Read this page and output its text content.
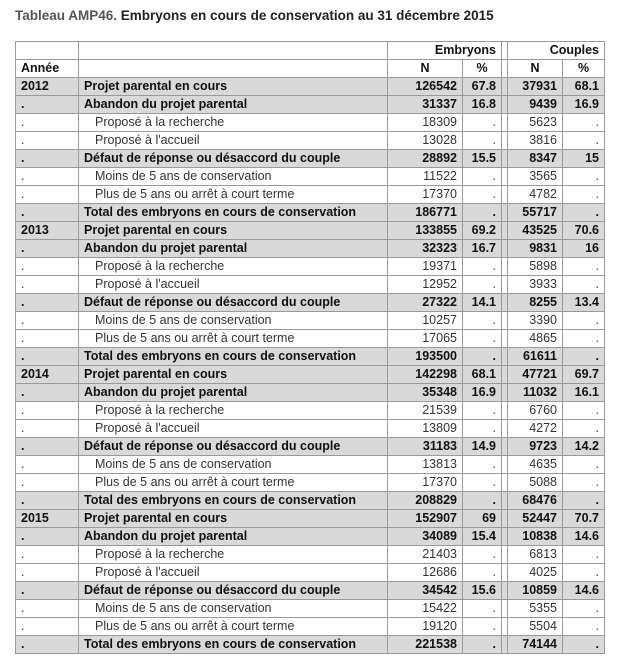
Tableau AMP46. Embryons en cours de conservation au 31 décembre 2015
		Embryons			Couples	
Année		N	%		N	%
2012	Projet parental en cours	126542	67.8		37931	68.1
.	Abandon du projet parental	31337	16.8		9439	16.9
.	Proposé à la recherche	18309	.		5623	.
.	Proposé à l'accueil	13028	.		3816	.
.	Défaut de réponse ou désaccord du couple	28892	15.5		8347	15
.	Moins de 5 ans de conservation	11522	.		3565	.
.	Plus de 5 ans ou arrêt à court terme	17370	.		4782	.
.	Total des embryons en cours de conservation	186771	.		55717	.
2013	Projet parental en cours	133855	69.2		43525	70.6
.	Abandon du projet parental	32323	16.7		9831	16
.	Proposé à la recherche	19371	.		5898	.
.	Proposé à l'accueil	12952	.		3933	.
.	Défaut de réponse ou désaccord du couple	27322	14.1		8255	13.4
.	Moins de 5 ans de conservation	10257	.		3390	.
.	Plus de 5 ans ou arrêt à court terme	17065	.		4865	.
.	Total des embryons en cours de conservation	193500	.		61611	.
2014	Projet parental en cours	142298	68.1		47721	69.7
.	Abandon du projet parental	35348	16.9		11032	16.1
.	Proposé à la recherche	21539	.		6760	.
.	Proposé à l'accueil	13809	.		4272	.
.	Défaut de réponse ou désaccord du couple	31183	14.9		9723	14.2
.	Moins de 5 ans de conservation	13813	.		4635	.
.	Plus de 5 ans ou arrêt à court terme	17370	.		5088	.
.	Total des embryons en cours de conservation	208829	.		68476	.
2015	Projet parental en cours	152907	69		52447	70.7
.	Abandon du projet parental	34089	15.4		10838	14.6
.	Proposé à la recherche	21403	.		6813	.
.	Proposé à l'accueil	12686	.		4025	.
.	Défaut de réponse ou désaccord du couple	34542	15.6		10859	14.6
.	Moins de 5 ans de conservation	15422	.		5355	.
.	Plus de 5 ans ou arrêt à court terme	19120	.		5504	.
.	Total des embryons en cours de conservation	221538	.		74144	.
